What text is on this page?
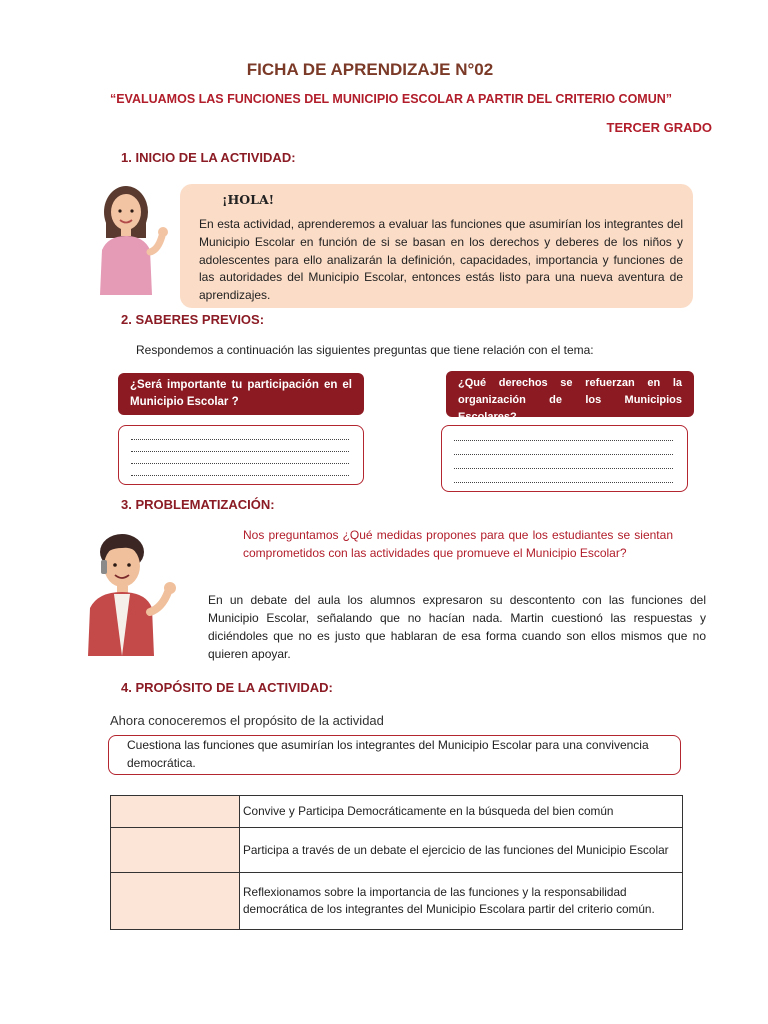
FICHA DE APRENDIZAJE N°02
“EVALUAMOS LAS FUNCIONES DEL MUNICIPIO ESCOLAR A PARTIR DEL CRITERIO COMUN”
TERCER GRADO
1. INICIO DE LA ACTIVIDAD:
¡HOLA!
En esta actividad, aprenderemos a evaluar las funciones que asumirían los integrantes del Municipio Escolar en función de si se basan en los derechos y deberes de los niños y adolescentes para ello analizarán la definición, capacidades, importancia y funciones de las autoridades del Municipio Escolar, entonces estás listo para una nueva aventura de aprendizajes.
2. SABERES PREVIOS:
Respondemos a continuación las siguientes preguntas que tiene relación con el tema:
¿Será importante tu participación en el Municipio Escolar ?
¿Qué derechos se refuerzan en la organización de los Municipios Escolares?
3. PROBLEMATIZACIÓN:
Nos preguntamos ¿Qué medidas propones para que los estudiantes se sientan comprometidos con las actividades que promueve el Municipio Escolar?
En un debate del aula los alumnos expresaron su descontento con las funciones del Municipio Escolar, señalando que no hacían nada. Martin cuestionó las respuestas y diciéndoles que no es justo que hablaran de esa forma cuando son ellos mismos que no quieren apoyar.
4. PROPÓSITO DE LA ACTIVIDAD:
Ahora conoceremos el propósito de la actividad
Cuestiona las funciones que asumirían los integrantes del Municipio Escolar para una convivencia democrática.
	Convive y Participa Democráticamente en la búsqueda del bien común
	Participa a través de un debate el ejercicio de las funciones del Municipio Escolar
	Reflexionamos sobre la importancia de las funciones y la responsabilidad democrática de los integrantes del Municipio Escolara partir del criterio común.
